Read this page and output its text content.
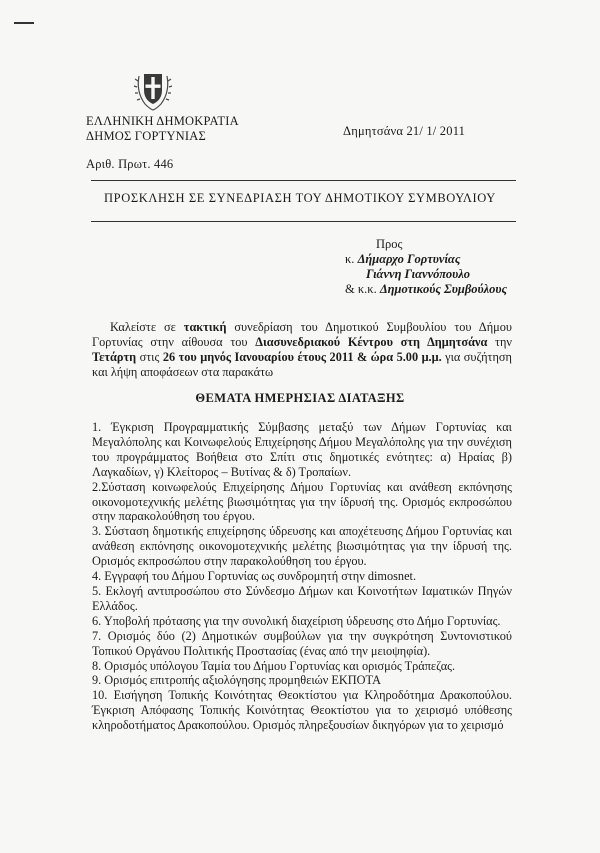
ΕΛΛΗΝΙΚΗ ΔΗΜΟΚΡΑΤΙΑ
ΔΗΜΟΣ ΓΟΡΤΥΝΙΑΣ	Δημητσάνα 21/ 1/ 2011
Αριθ. Πρωτ. 446
ΠΡΟΣΚΛΗΣΗ ΣΕ ΣΥΝΕΔΡΙΑΣΗ ΤΟΥ ΔΗΜΟΤΙΚΟΥ ΣΥΜΒΟΥΛΙΟΥ
Προς
κ. Δήμαρχο Γορτυνίας
Γιάννη Γιαννόπουλο
& κ.κ. Δημοτικούς Συμβούλους
Καλείστε σε τακτική συνεδρίαση του Δημοτικού Συμβουλίου του Δήμου Γορτυνίας στην αίθουσα του Διασυνεδριακού Κέντρου στη Δημητσάνα την Τετάρτη στις 26 του μηνός Ιανουαρίου έτους 2011 & ώρα 5.00 μ.μ. για συζήτηση και λήψη αποφάσεων στα παρακάτω
ΘΕΜΑΤΑ ΗΜΕΡΗΣΙΑΣ ΔΙΑΤΑΞΗΣ

1. Έγκριση Προγραμματικής Σύμβασης μεταξύ των Δήμων Γορτυνίας και Μεγαλόπολης και Κοινωφελούς Επιχείρησης Δήμου Μεγαλόπολης για την συνέχιση του προγράμματος Βοήθεια στο Σπίτι στις δημοτικές ενότητες: α) Ηραίας β) Λαγκαδίων, γ) Κλείτορος – Βυτίνας & δ) Τροπαίων.

2.Σύσταση κοινωφελούς Επιχείρησης Δήμου Γορτυνίας και ανάθεση εκπόνησης οικονομοτεχνικής μελέτης βιωσιμότητας για την ίδρυσή της. Ορισμός εκπροσώπου στην παρακολούθηση του έργου.

3. Σύσταση δημοτικής επιχείρησης ύδρευσης και αποχέτευσης Δήμου Γορτυνίας και ανάθεση εκπόνησης οικονομοτεχνικής μελέτης βιωσιμότητας για την ίδρυσή της. Ορισμός εκπροσώπου στην παρακολούθηση του έργου.

4. Εγγραφή του Δήμου Γορτυνίας ως συνδρομητή στην dimosnet.

5. Εκλογή αντιπροσώπου στο Σύνδεσμο Δήμων και Κοινοτήτων Ιαματικών Πηγών Ελλάδος.

6. Υποβολή πρότασης για την συνολική διαχείριση ύδρευσης στο Δήμο Γορτυνίας.

7. Ορισμός δύο (2) Δημοτικών συμβούλων για την συγκρότηση Συντονιστικού Τοπικού Οργάνου Πολιτικής Προστασίας (ένας από την μειοψηφία).

8. Ορισμός υπόλογου Ταμία του Δήμου Γορτυνίας και ορισμός Τράπεζας.

9. Ορισμός επιτροπής αξιολόγησης προμηθειών ΕΚΠΟΤΑ

10. Εισήγηση Τοπικής Κοινότητας Θεοκτίστου για Κληροδότημα Δρακοπούλου. Έγκριση Απόφασης Τοπικής Κοινότητας Θεοκτίστου για το χειρισμό υπόθεσης κληροδοτήματος Δρακοπούλου. Ορισμός πληρεξουσίων δικηγόρων για το χειρισμό
